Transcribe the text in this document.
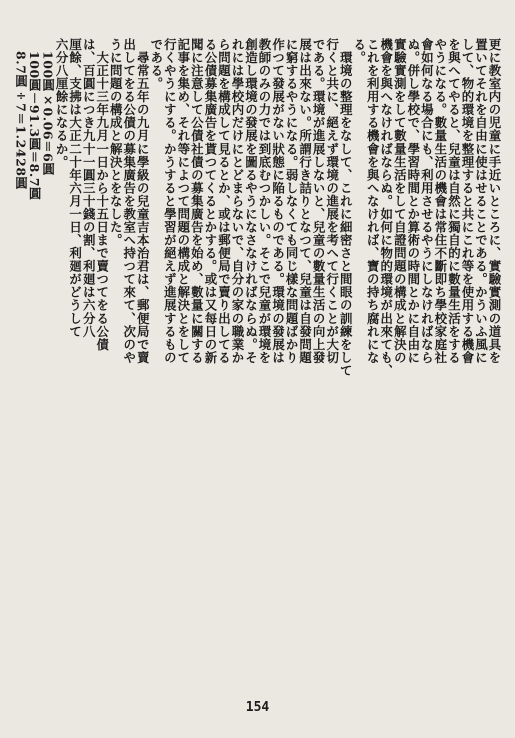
更に教室内の児童に手近いところに、實驗實測の道具を
置いてそれを自由に使はせることである。かういふ風に
して、物的環境を整理すると共にこれ等を使用する機會
を與へてやると、兒童は自然に獨自的に數量生活をする
やうになる。數量生活の機會は常住不斷即ち學校家庭社
會如何なる場合にも、利用させるやうにしなければなら
ぬ。併し學校で、學習時間とか算術の時間とかに自由に
實驗實測をして數量生活をして自證問題の構成と解決の
機會を與へなければならぬ。如何に物的環境が出來ても、
これを利用する機會を與へなければ、寶の持ち腐れにな
る。
　環境の整理をなして、これに細密さと間眼の訓練をして
行くと共に、絕えず環境の進展を考へて行くことが大切
である。環境が進展しないと、兒童の數量生活の向上發
展は出來ない。所謂行き詰りとなつて、兒童は自發問題
に窮するやうになる。弱しなくても同じ樣な問題ばかり
作つて發展がない狀態に陥るものである。環境の發展は
教師のみの力では到底むつかしい。そこで兒童が環境を
創造し環境の發展を圖るやうになさなければならぬ。そ
れには學校内だけにとどまらないで、自分の家の職業か
ら問題を構成して見るとか、或は郵便局で賣り出してる
る公債募集廣告を貰つてくるとかする。或は又每日の新
聞に注意して公債社債の募集廣告を始め、數量に關する
記事を集め、それ等によつて問題の構成と解決とをして
行くやうにする。かうすると學習が絕えず進展するもの
である。
　尋常五年の九月に學級の兒童吉本治君は、郵便局で賣
出してをる公債の募集廣告を教室へ持つて來て、次のや
うに問題の構成と解決とをなした。
　大正十三年九月一日から十五日まで賣つてをる公債
は、百圓につき九十一圓三十錢の割、利廻は六分八
厘餘、支拂は大正二十年六月一日、利廻がどうして
六分八厘餘になるか。
　100圓×0.06＝6圓
　100圓－91.3圓＝8.7圓
　8.7圓÷7＝1.2428圓
154
